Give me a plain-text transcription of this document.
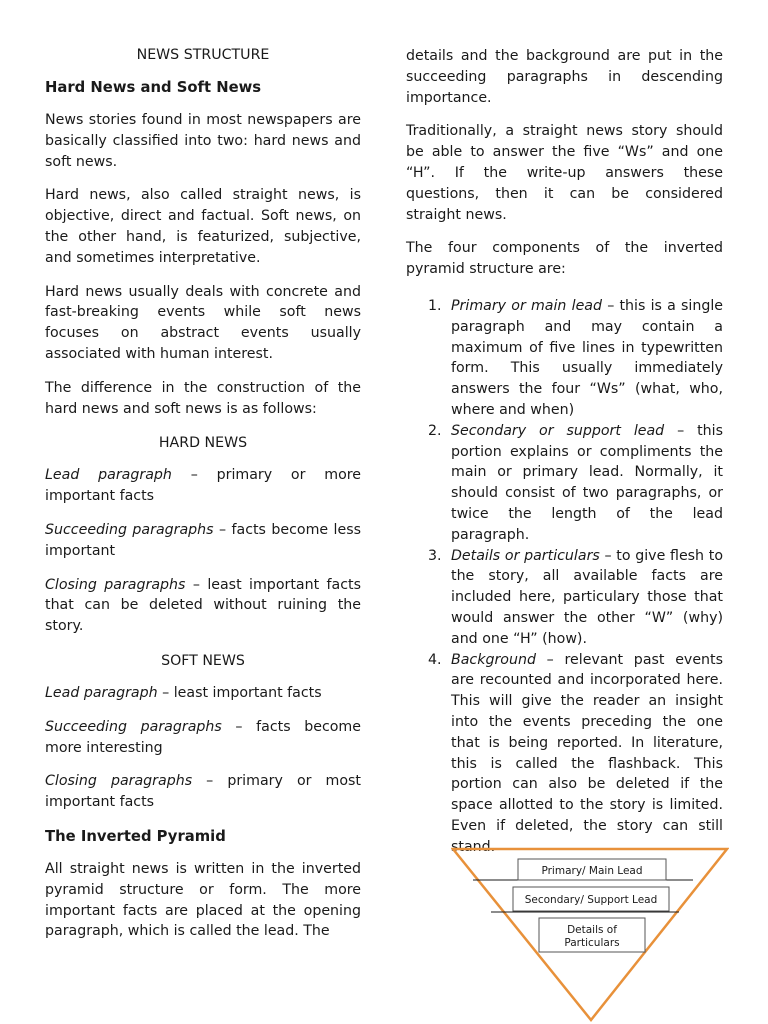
NEWS STRUCTURE
Hard News and Soft News

News stories found in most newspapers are basically classified into two: hard news and soft news.

Hard news, also called straight news, is objective, direct and factual. Soft news, on the other hand, is featurized, subjective, and sometimes interpretative.

Hard news usually deals with concrete and fast-breaking events while soft news focuses on abstract events usually associated with human interest.

The difference in the construction of the hard news and soft news is as follows:

HARD NEWS

Lead paragraph – primary or more important facts

Succeeding paragraphs – facts become less important

Closing paragraphs – least important facts that can be deleted without ruining the story.

SOFT NEWS

Lead paragraph – least important facts

Succeeding paragraphs – facts become more interesting

Closing paragraphs – primary or most important facts

The Inverted Pyramid

All straight news is written in the inverted pyramid structure or form. The more important facts are placed at the opening paragraph, which is called the lead. The

details and the background are put in the succeeding paragraphs in descending importance.

Traditionally, a straight news story should be able to answer the five “Ws” and one “H”. If the write-up answers these questions, then it can be considered straight news.

The four components of the inverted pyramid structure are:

1. Primary or main lead – this is a single paragraph and may contain a maximum of five lines in typewritten form. This usually immediately answers the four “Ws” (what, who, where and when)
2. Secondary or support lead – this portion explains or compliments the main or primary lead. Normally, it should consist of two paragraphs, or twice the length of the lead paragraph.
3. Details or particulars – to give flesh to the story, all available facts are included here, particulary those that would answer the other “W” (why) and one “H” (how).
4. Background – relevant past events are recounted and incorporated here. This will give the reader an insight into the events preceding the one that is being reported. In literature, this is called the flashback. This portion can also be deleted if the space allotted to the story is limited. Even if deleted, the story can still stand.
Primary/ Main Lead
Secondary/ Support Lead
Details of
Particulars
